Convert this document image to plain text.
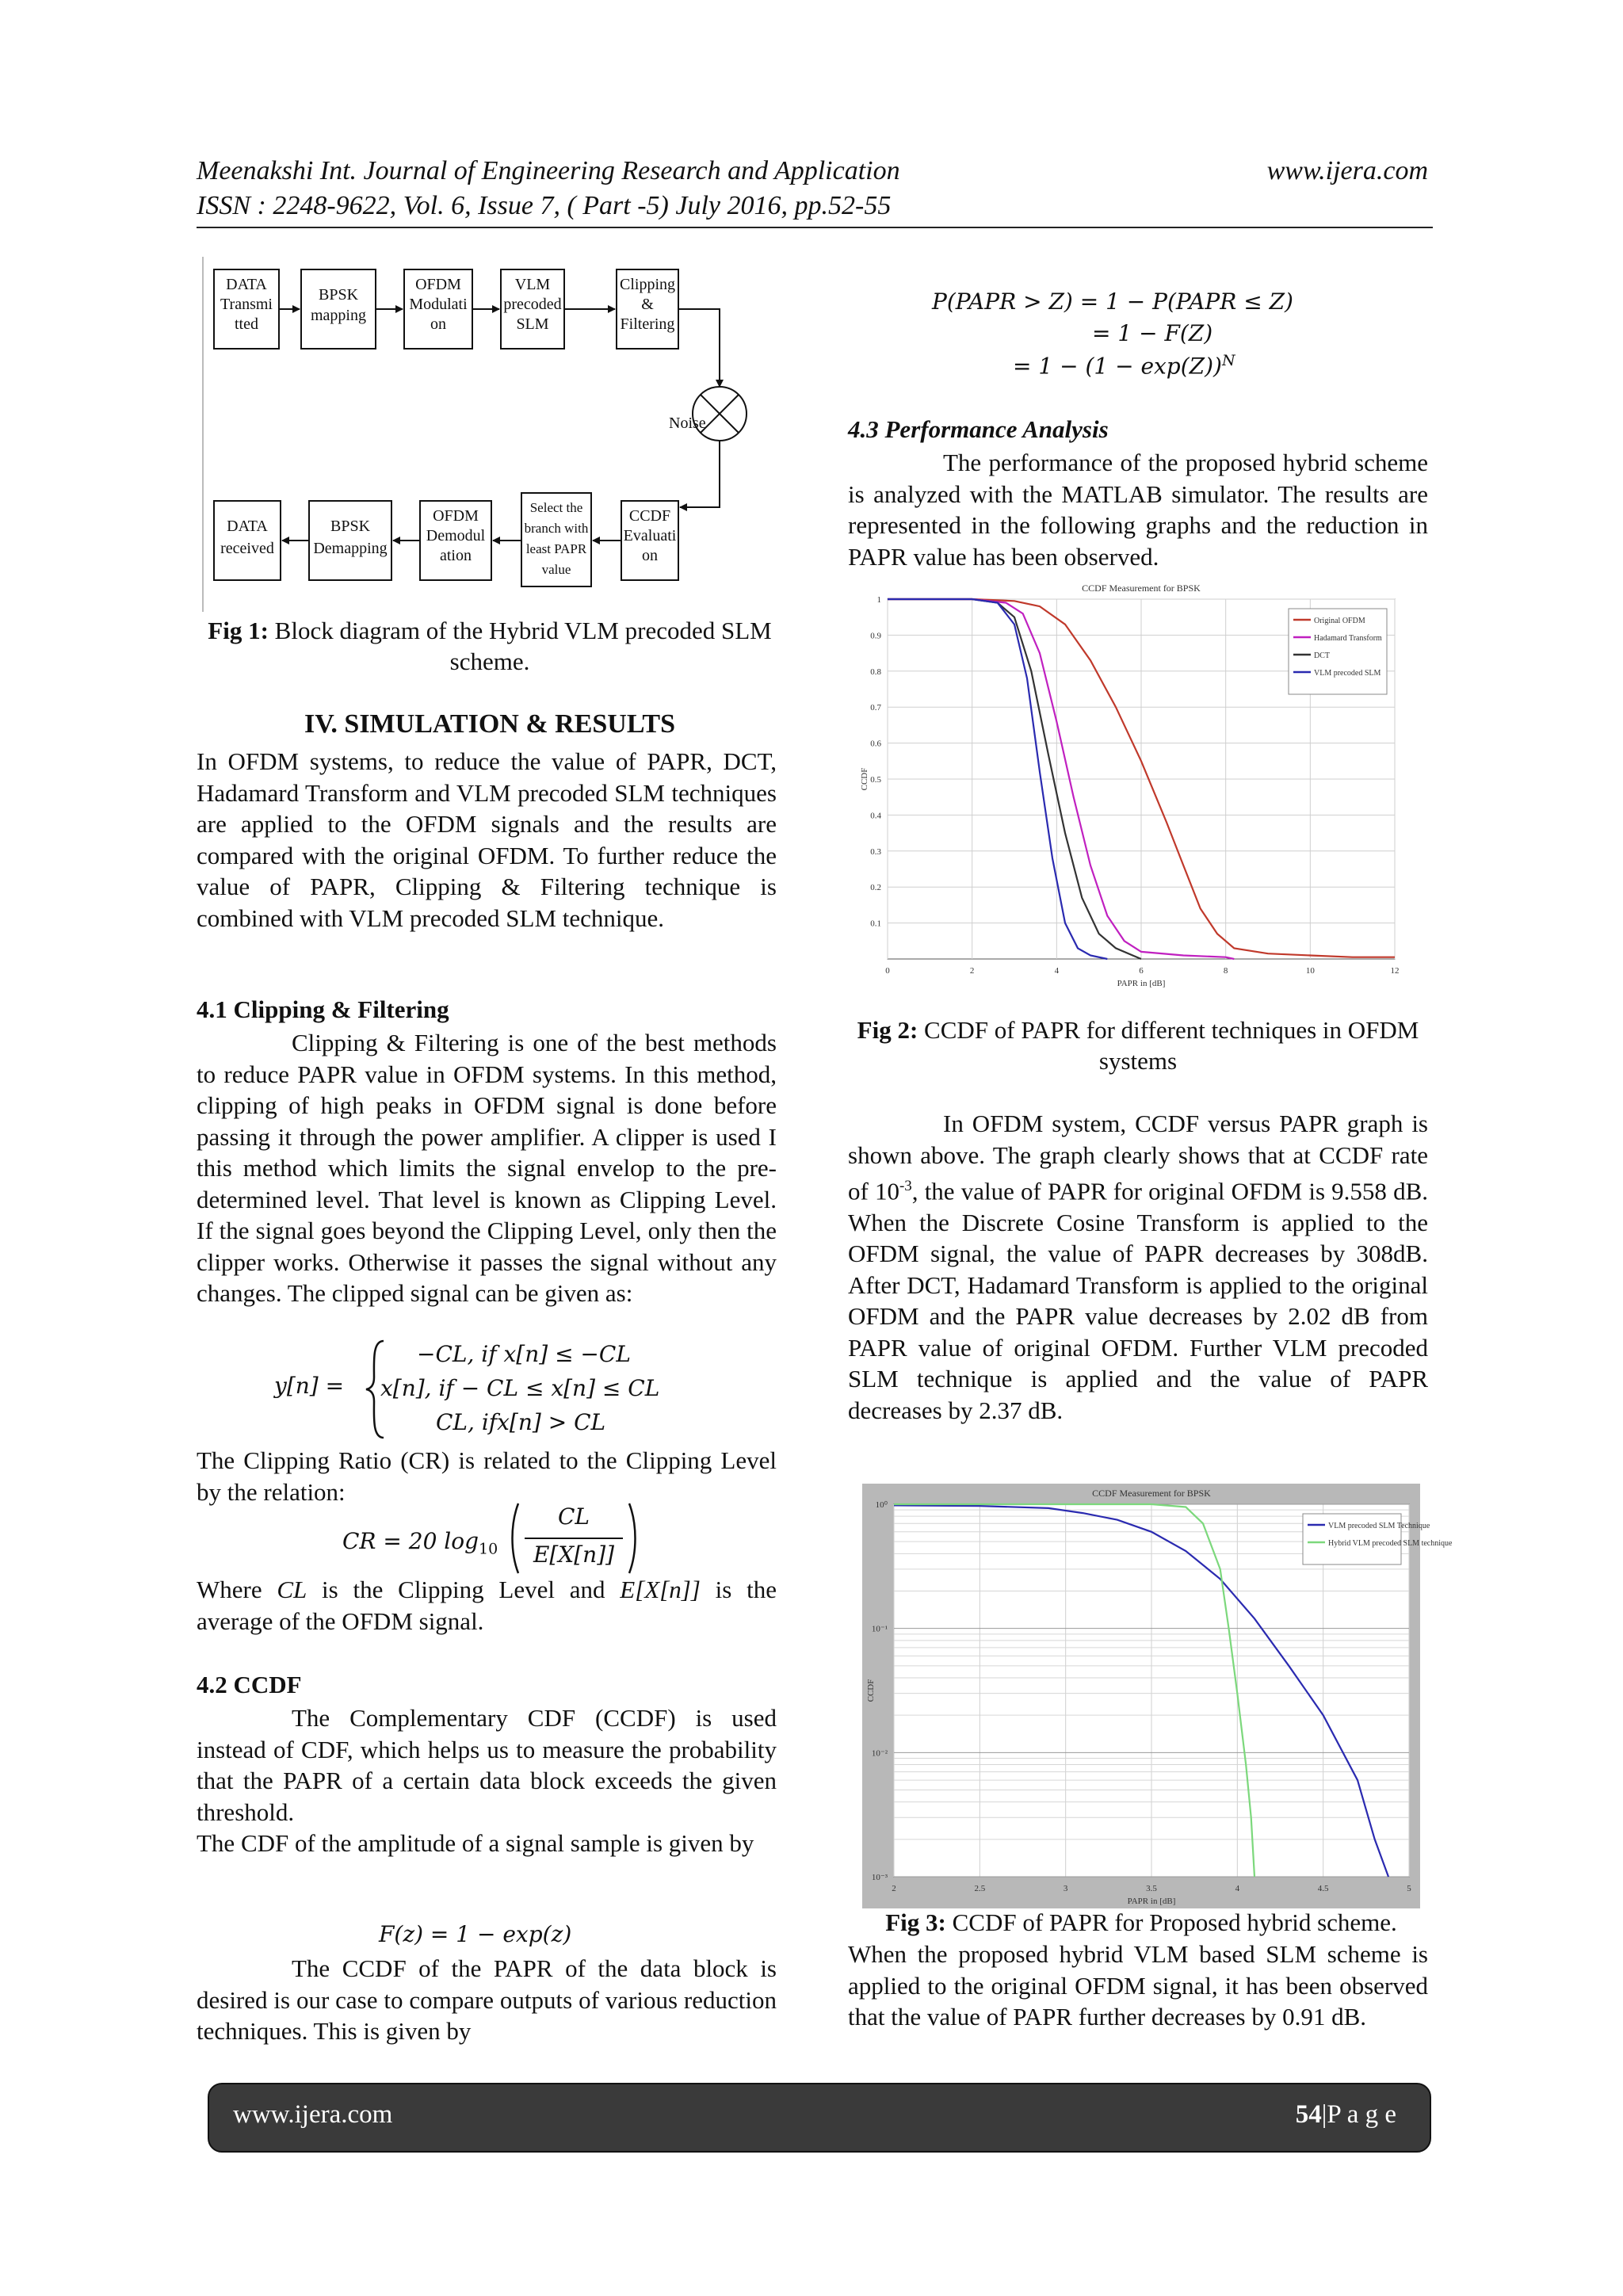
Meenakshi Int. Journal of Engineering Research and Application	www.ijera.com
ISSN : 2248-9622, Vol. 6, Issue 7, ( Part -5) July 2016, pp.52-55
DATA
Transmi
tted
BPSK
mapping
OFDM
Modulati
on
VLM
precoded
SLM
Clipping
&
Filtering
Noise
DATA
received
BPSK
Demapping
OFDM
Demodul
ation
Select the
branch with
least PAPR
value
CCDF
Evaluati
on
Fig 1: Block diagram of the Hybrid VLM precoded SLM scheme.
IV. SIMULATION & RESULTS
In OFDM systems, to reduce the value of PAPR, DCT, Hadamard Transform and VLM precoded SLM techniques are applied to the OFDM signals and the results are compared with the original OFDM. To further reduce the value of PAPR, Clipping & Filtering technique is combined with VLM precoded SLM technique.
4.1 Clipping & Filtering
Clipping & Filtering is one of the best methods to reduce PAPR value in OFDM systems. In this method, clipping of high peaks in OFDM signal is done before passing it through the power amplifier. A clipper is used I this method which limits the signal envelop to the pre-determined level. That level is known as Clipping Level. If the signal goes beyond the Clipping Level, only then the clipper works. Otherwise it passes the signal without any changes. The clipped signal can be given as:
y[n] =
−CL, if x[n] ≤ −CL
x[n], if − CL ≤ x[n] ≤ CL
CL, ifx[n] > CL
The Clipping Ratio (CR) is related to the Clipping Level by the relation:
CR = 20 $\log_{10}$
CL
E[X[n]]
Where CL is the Clipping Level and E[X[n]] is the average of the OFDM signal.
4.2 CCDF
The Complementary CDF (CCDF) is used instead of CDF, which helps us to measure the probability that the PAPR of a certain data block exceeds the given threshold.
The CDF of the amplitude of a signal sample is given by
F(z) = 1 − exp(z)
The CCDF of the PAPR of the data block is desired is our case to compare outputs of various reduction techniques. This is given by
P(PAPR > Z) = 1 − P(PAPR ≤ Z)
= 1 − F(Z)
= $1 - (1 - \exp(Z))^N$
4.3 Performance Analysis
The performance of the proposed hybrid scheme is analyzed with the MATLAB simulator. The results are represented in the following graphs and the reduction in PAPR value has been observed.
0	2	4	6	8	10	12
0.1
0.2
0.3
0.4
0.5
0.6
0.7
0.8
0.9
1
CCDF Measurement for BPSK
PAPR in [dB]
CCDF
Original OFDM
Hadamard Transform
DCT
VLM precoded SLM
Fig 2: CCDF of PAPR for different techniques in OFDM systems
In OFDM system, CCDF versus PAPR graph is shown above. The graph clearly shows that at CCDF rate of $10^{-3}$, the value of PAPR for original OFDM is 9.558 dB. When the Discrete Cosine Transform is applied to the OFDM signal, the value of PAPR decreases by 308dB. After DCT, Hadamard Transform is applied to the original OFDM and the PAPR value decreases by 2.02 dB from PAPR value of original OFDM. Further VLM precoded SLM technique is applied and the value of PAPR decreases by 2.37 dB.
2	2.5	3	3.5	4	4.5	5
10⁰
10⁻¹
10⁻²
10⁻³
CCDF Measurement for BPSK
PAPR in [dB]
CCDF
VLM precoded SLM Technique
Hybrid VLM precoded SLM technique
Fig 3: CCDF of PAPR for Proposed hybrid scheme.
When the proposed hybrid VLM based SLM scheme is applied to the original OFDM signal, it has been observed that the value of PAPR further decreases by 0.91 dB.
www.ijera.com	54|P a g e
